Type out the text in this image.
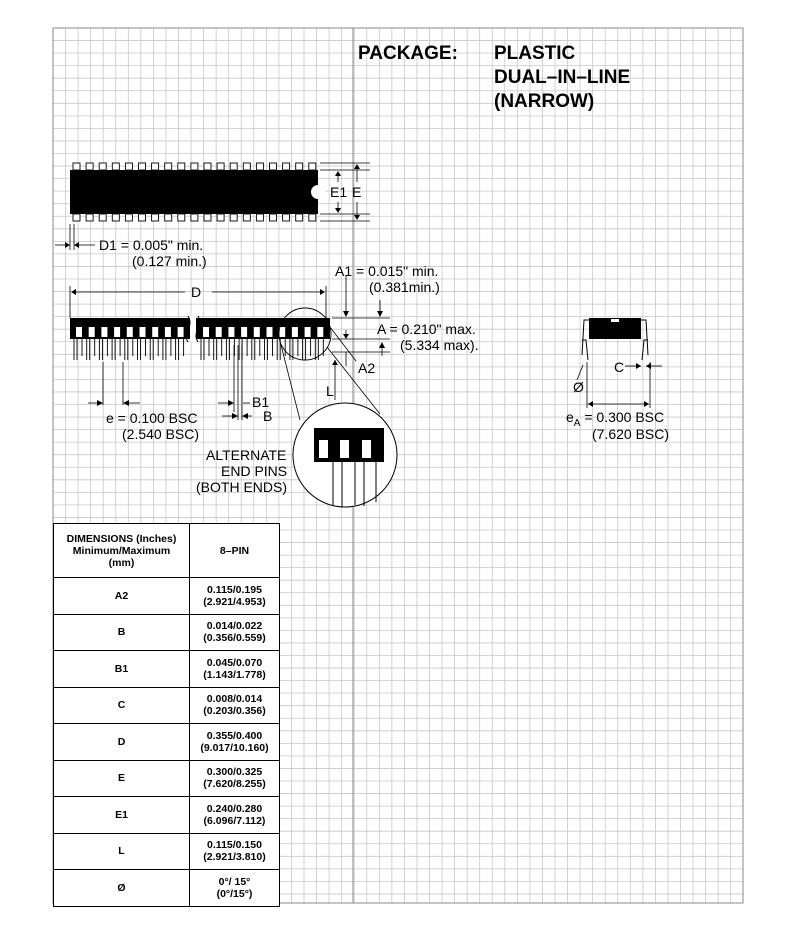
PACKAGE: PLASTIC
DUAL–IN–LINE
(NARROW)
E1 E
D1 = 0.005" min.
(0.127 min.)
A1 = 0.015" min.
(0.381min.)
D
A = 0.210" max.
(5.334 max).
A2
L
B1
B
e = 0.100 BSC
(2.540 BSC)
ALTERNATE
END PINS
(BOTH ENDS)
C
Ø
$e_A = 0.300$ BSC
(7.620 BSC)
DIMENSIONS (Inches)
Minimum/Maximum
(mm)	8–PIN
A2	0.115/0.195
(2.921/4.953)

B	0.014/0.022
(0.356/0.559)

B1	0.045/0.070
(1.143/1.778)

C	0.008/0.014
(0.203/0.356)

D	0.355/0.400
(9.017/10.160)

E	0.300/0.325
(7.620/8.255)

E1	0.240/0.280
(6.096/7.112)

L	0.115/0.150
(2.921/3.810)

Ø	0°/ 15°
(0°/15°)
